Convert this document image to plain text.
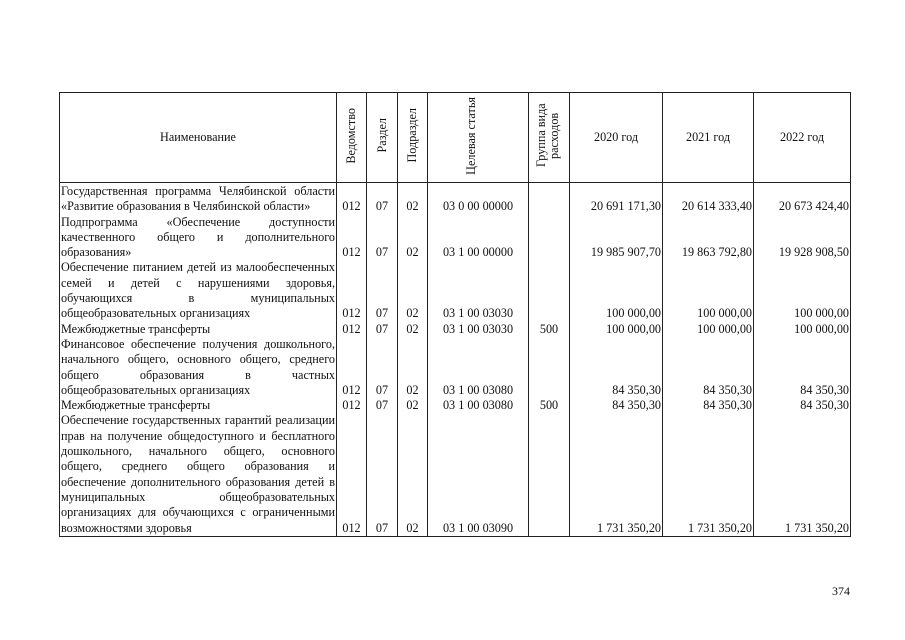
Наименование	Ведомство	Раздел	Подраздел	Целевая статья	Группа вида расходов	2020 год	2021 год	2022 год
Государственная программа Челябинской области «Развитие образования в Челябинской области»	012	07	02	03 0 00 00000		20 691 171,30	20 614 333,40	20 673 424,40
Подпрограмма «Обеспечение доступности качественного общего и дополнительного образования»	012	07	02	03 1 00 00000		19 985 907,70	19 863 792,80	19 928 908,50
Обеспечение питанием детей из малообеспеченных семей и детей с нарушениями здоровья, обучающихся в муниципальных общеобразовательных организациях	012	07	02	03 1 00 03030		100 000,00	100 000,00	100 000,00
Межбюджетные трансферты	012	07	02	03 1 00 03030	500	100 000,00	100 000,00	100 000,00
Финансовое обеспечение получения дошкольного, начального общего, основного общего, среднего общего образования в частных общеобразовательных организациях	012	07	02	03 1 00 03080		84 350,30	84 350,30	84 350,30
Межбюджетные трансферты	012	07	02	03 1 00 03080	500	84 350,30	84 350,30	84 350,30
Обеспечение государственных гарантий реализации прав на получение общедоступного и бесплатного дошкольного, начального общего, основного общего, среднего общего образования и обеспечение дополнительного образования детей в муниципальных общеобразовательных организациях для обучающихся с ограниченными возможностями здоровья	012	07	02	03 1 00 03090		1 731 350,20	1 731 350,20	1 731 350,20
374
